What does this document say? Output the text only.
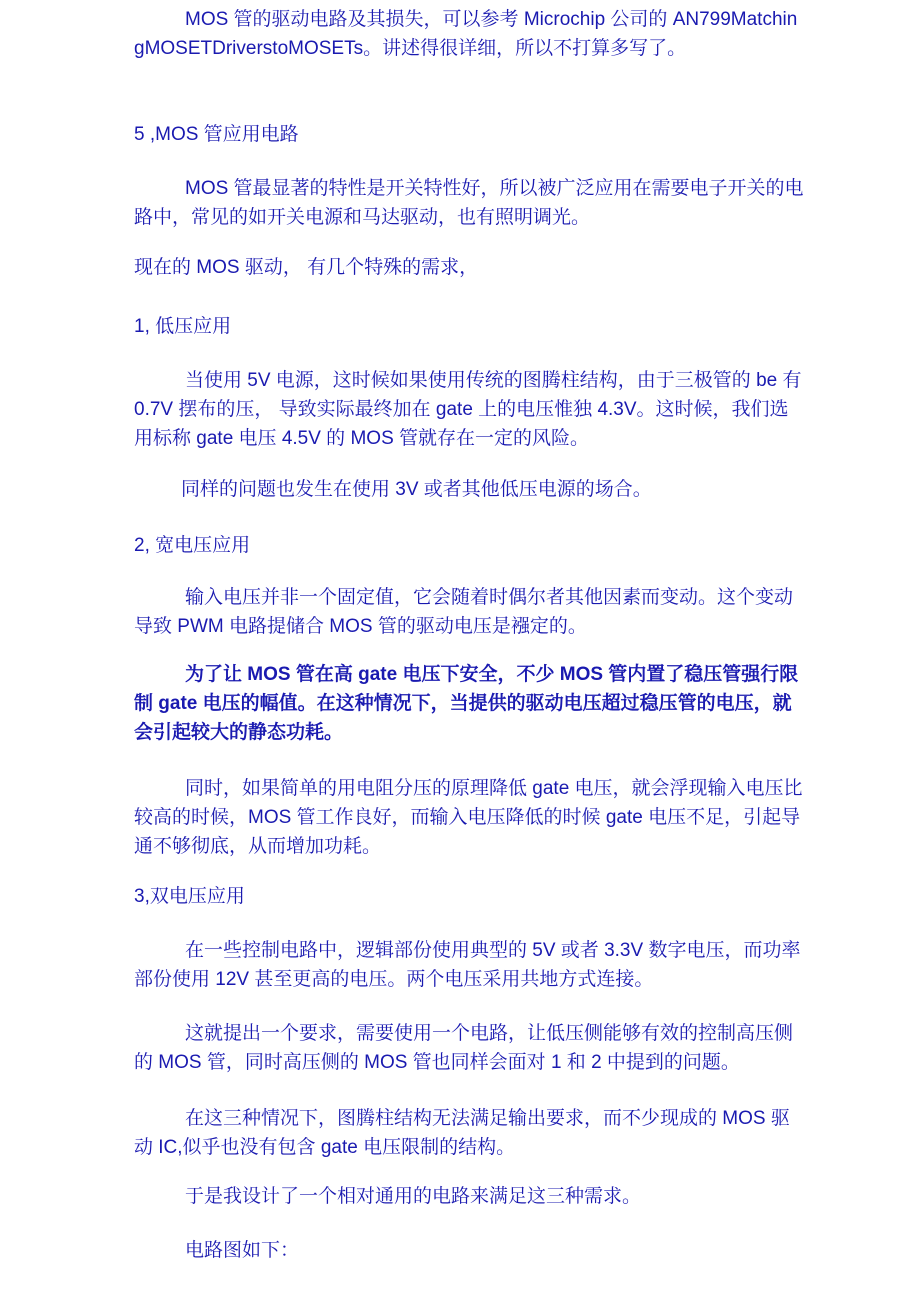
MOS 管的驱动电路及其损失，可以参考 Microchip 公司的 AN799MatchingMOSETDriverstoMOSETs。讲述得很详细，所以不打算多写了。

5 ,MOS 管应用电路

MOS 管最显著的特性是开关特性好，所以被广泛应用在需要电子开关的电路中，常见的如开关电源和马达驱动，也有照明调光。

现在的 MOS 驱动， 有几个特殊的需求，

1, 低压应用

当使用 5V 电源，这时候如果使用传统的图腾柱结构，由于三极管的 be 有 0.7V 摆布的压， 导致实际最终加在 gate 上的电压惟独 4.3V。这时候，我们选用标称 gate 电压 4.5V 的 MOS 管就存在一定的风险。

同样的问题也发生在使用 3V 或者其他低压电源的场合。

2, 宽电压应用

输入电压并非一个固定值，它会随着时偶尔者其他因素而变动。这个变动导致 PWM 电路提储合 MOS 管的驱动电压是襁定的。

为了让 MOS 管在高 gate 电压下安全，不少 MOS 管内置了稳压管强行限制 gate 电压的幅值。在这种情况下，当提供的驱动电压超过稳压管的电压，就会引起较大的静态功耗。

同时，如果简单的用电阻分压的原理降低 gate 电压，就会浮现输入电压比较高的时候，MOS 管工作良好，而输入电压降低的时候 gate 电压不足，引起导通不够彻底，从而增加功耗。

3,双电压应用

在一些控制电路中，逻辑部份使用典型的 5V 或者 3.3V 数字电压，而功率部份使用 12V 甚至更高的电压。两个电压采用共地方式连接。

这就提出一个要求，需要使用一个电路，让低压侧能够有效的控制高压侧的 MOS 管，同时高压侧的 MOS 管也同样会面对 1 和 2 中提到的问题。

在这三种情况下，图腾柱结构无法满足输出要求，而不少现成的 MOS 驱动 IC,似乎也没有包含 gate 电压限制的结构。

于是我设计了一个相对通用的电路来满足这三种需求。

电路图如下：
